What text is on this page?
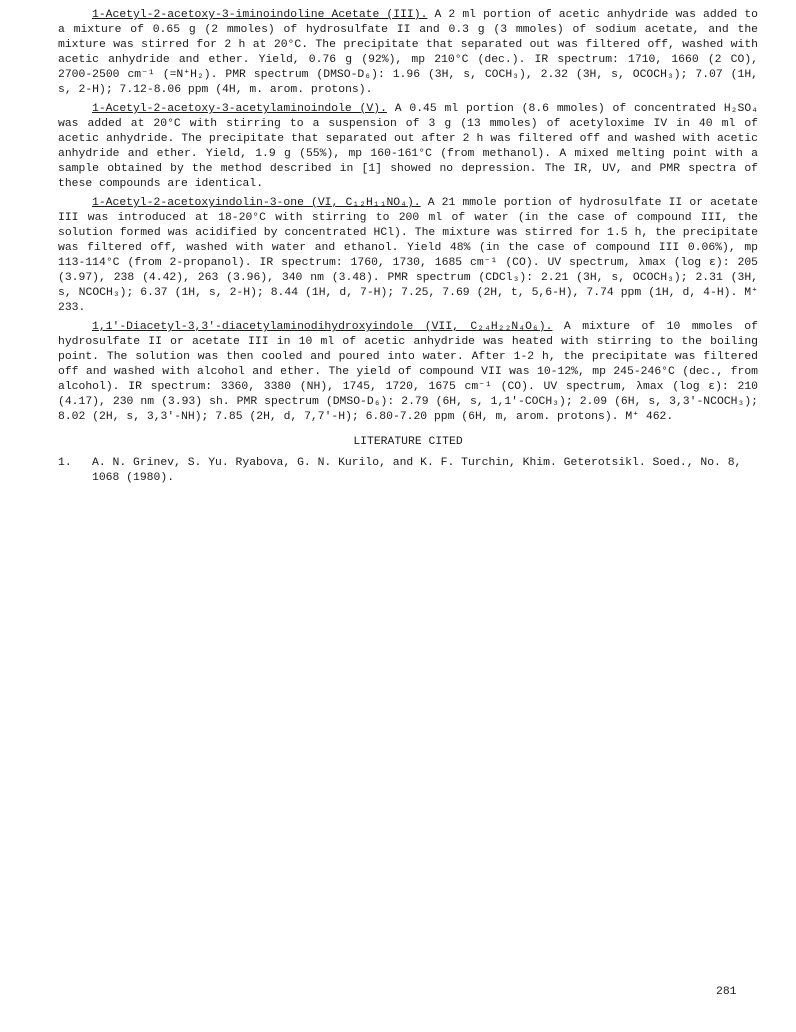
1-Acetyl-2-acetoxy-3-iminoindoline Acetate (III). A 2 ml portion of acetic anhydride was added to a mixture of 0.65 g (2 mmoles) of hydrosulfate II and 0.3 g (3 mmoles) of sodium acetate, and the mixture was stirred for 2 h at 20°C. The precipitate that separated out was filtered off, washed with acetic anhydride and ether. Yield, 0.76 g (92%), mp 210°C (dec.). IR spectrum: 1710, 1660 (2 CO), 2700-2500 cm⁻¹ (=N⁺H₂). PMR spectrum (DMSO-D₆): 1.96 (3H, s, COCH₃), 2.32 (3H, s, OCOCH₃); 7.07 (1H, s, 2-H); 7.12-8.06 ppm (4H, m. arom. protons).

1-Acetyl-2-acetoxy-3-acetylaminoindole (V). A 0.45 ml portion (8.6 mmoles) of concentrated H₂SO₄ was added at 20°C with stirring to a suspension of 3 g (13 mmoles) of acetyloxime IV in 40 ml of acetic anhydride. The precipitate that separated out after 2 h was filtered off and washed with acetic anhydride and ether. Yield, 1.9 g (55%), mp 160-161°C (from methanol). A mixed melting point with a sample obtained by the method described in [1] showed no depression. The IR, UV, and PMR spectra of these compounds are identical.

1-Acetyl-2-acetoxyindolin-3-one (VI, C₁₂H₁₁NO₄). A 21 mmole portion of hydrosulfate II or acetate III was introduced at 18-20°C with stirring to 200 ml of water (in the case of compound III, the solution formed was acidified by concentrated HCl). The mixture was stirred for 1.5 h, the precipitate was filtered off, washed with water and ethanol. Yield 48% (in the case of compound III 0.06%), mp 113-114°C (from 2-propanol). IR spectrum: 1760, 1730, 1685 cm⁻¹ (CO). UV spectrum, λmax (log ε): 205 (3.97), 238 (4.42), 263 (3.96), 340 nm (3.48). PMR spectrum (CDCl₃): 2.21 (3H, s, OCOCH₃); 2.31 (3H, s, NCOCH₃); 6.37 (1H, s, 2-H); 8.44 (1H, d, 7-H); 7.25, 7.69 (2H, t, 5,6-H), 7.74 ppm (1H, d, 4-H). M⁺ 233.

1,1'-Diacetyl-3,3'-diacetylaminodihydroxyindole (VII, C₂₄H₂₂N₄O₆). A mixture of 10 mmoles of hydrosulfate II or acetate III in 10 ml of acetic anhydride was heated with stirring to the boiling point. The solution was then cooled and poured into water. After 1-2 h, the precipitate was filtered off and washed with alcohol and ether. The yield of compound VII was 10-12%, mp 245-246°C (dec., from alcohol). IR spectrum: 3360, 3380 (NH), 1745, 1720, 1675 cm⁻¹ (CO). UV spectrum, λmax (log ε): 210 (4.17), 230 nm (3.93) sh. PMR spectrum (DMSO-D₆): 2.79 (6H, s, 1,1'-COCH₃); 2.09 (6H, s, 3,3'-NCOCH₃); 8.02 (2H, s, 3,3'-NH); 7.85 (2H, d, 7,7'-H); 6.80-7.20 ppm (6H, m, arom. protons). M⁺ 462.

LITERATURE CITED
1.	A. N. Grinev, S. Yu. Ryabova, G. N. Kurilo, and K. F. Turchin, Khim. Geterotsikl. Soed., No. 8, 1068 (1980).
281
